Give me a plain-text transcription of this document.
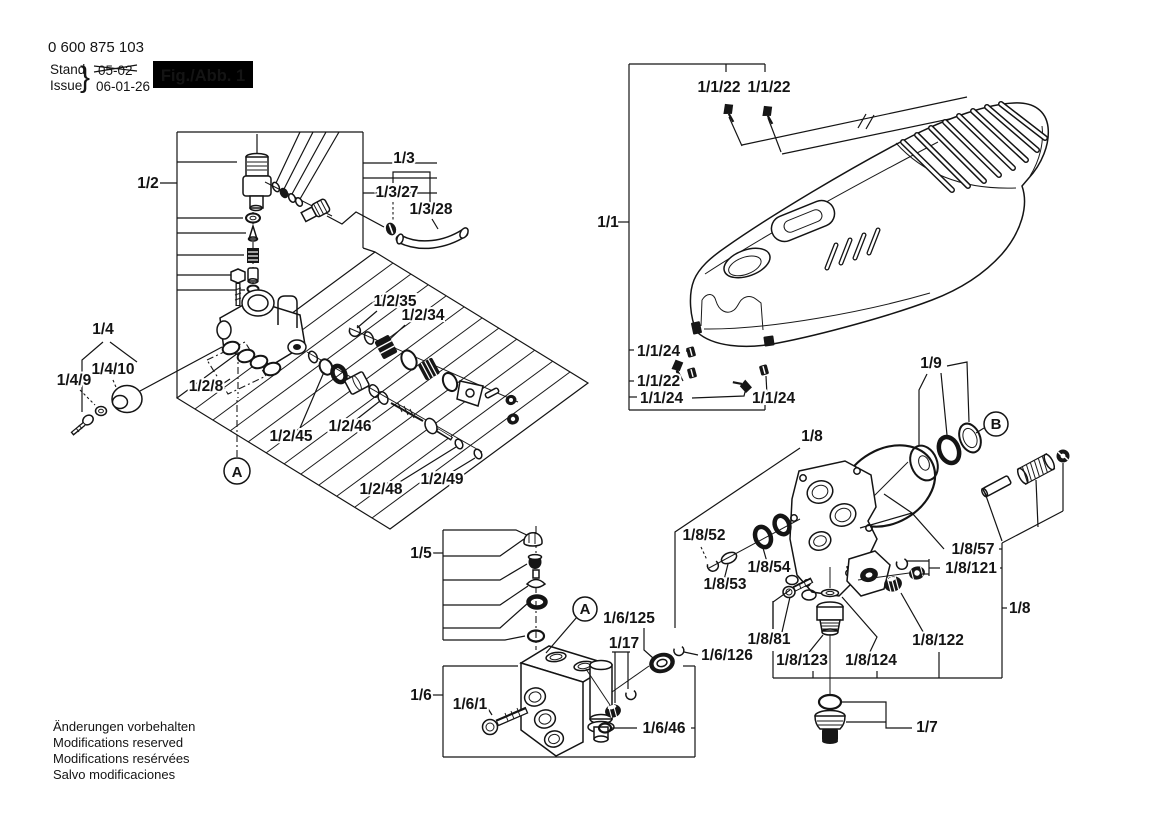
0 600 875 103
Stand
Issue
} 05-02
06-01-26
Fig./Abb. 1
Änderungen vorbehalten
Modifications reserved
Modifications resérvées
Salvo modificaciones
1/2
1/2/35
1/2/34
1/2/8
1/2/45
1/2/46
1/2/48
1/2/49
A
1/3
1/3/27
1/3/28
1/4
1/4/9
1/4/10
1/1
1/1/22 1/1/22
1/1/24
1/1/22
1/1/24	1/1/24
B
1/9
1/7
1/8
1/8/52
1/8/53
1/8/54
1/8/57
1/8/121
1/8/81	1/8/122
1/8/123 1/8/124
1/8
1/5
A
1/6
1/6/1
1/6/46
1/6/125
1/6/126
1/17
